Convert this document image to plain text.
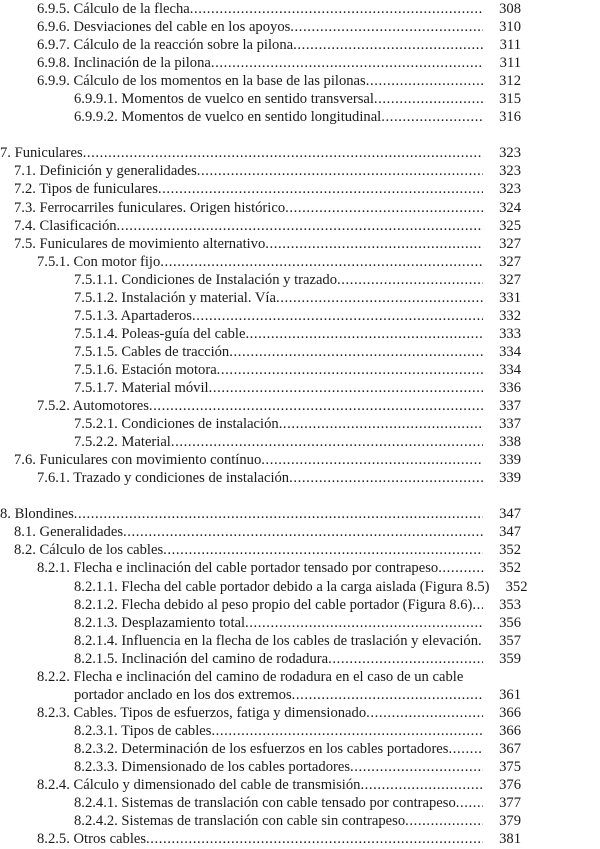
6.9.5. Cálculo de la flecha .....	308
6.9.6. Desviaciones del cable en los apoyos .....	310
6.9.7. Cálculo de la reacción sobre la pilona .....	311
6.9.8. Inclinación de la pilona .....	311
6.9.9. Cálculo de los momentos en la base de las pilonas .....	312
6.9.9.1. Momentos de vuelco en sentido transversal .....	315
6.9.9.2. Momentos de vuelco en sentido longitudinal .....	316
7. Funiculares .....	323
7.1. Definición y generalidades .....	323
7.2. Tipos de funiculares .....	323
7.3. Ferrocarriles funiculares. Origen histórico .....	324
7.4. Clasificación .....	325
7.5. Funiculares de movimiento alternativo .....	327
7.5.1. Con motor fijo .....	327
7.5.1.1. Condiciones de Instalación y trazado .....	327
7.5.1.2. Instalación y material. Vía .....	331
7.5.1.3. Apartaderos .....	332
7.5.1.4. Poleas-guía del cable .....	333
7.5.1.5. Cables de tracción .....	334
7.5.1.6. Estación motora .....	334
7.5.1.7. Material móvil .....	336
7.5.2. Automotores .....	337
7.5.2.1. Condiciones de instalación .....	337
7.5.2.2. Material .....	338
7.6. Funiculares con movimiento contínuo .....	339
7.6.1. Trazado y condiciones de instalación .....	339
8. Blondines .....	347
8.1. Generalidades .....	347
8.2. Cálculo de los cables .....	352
8.2.1. Flecha e inclinación del cable portador tensado por contrapeso .....	352
8.2.1.1. Flecha del cable portador debido a la carga aislada (Figura 8.5) 352
8.2.1.2. Flecha debido al peso propio del cable portador (Figura 8.6) ..... 353
8.2.1.3. Desplazamiento total .....	356
8.2.1.4. Influencia en la flecha de los cables de traslación y elevación ..... 357
8.2.1.5. Inclinación del camino de rodadura .....	359
8.2.2. Flecha e inclinación del camino de rodadura en el caso de un cable
portador anclado en los dos extremos .....	361
8.2.3. Cables. Tipos de esfuerzos, fatiga y dimensionado .....	366
8.2.3.1. Tipos de cables .....	366
8.2.3.2. Determinación de los esfuerzos en los cables portadores .....	367
8.2.3.3. Dimensionado de los cables portadores .....	375
8.2.4. Cálculo y dimensionado del cable de transmisión .....	376
8.2.4.1. Sistemas de translación con cable tensado por contrapeso .....	377
8.2.4.2. Sistemas de translación con cable sin contrapeso .....	379
8.2.5. Otros cables .....	381
